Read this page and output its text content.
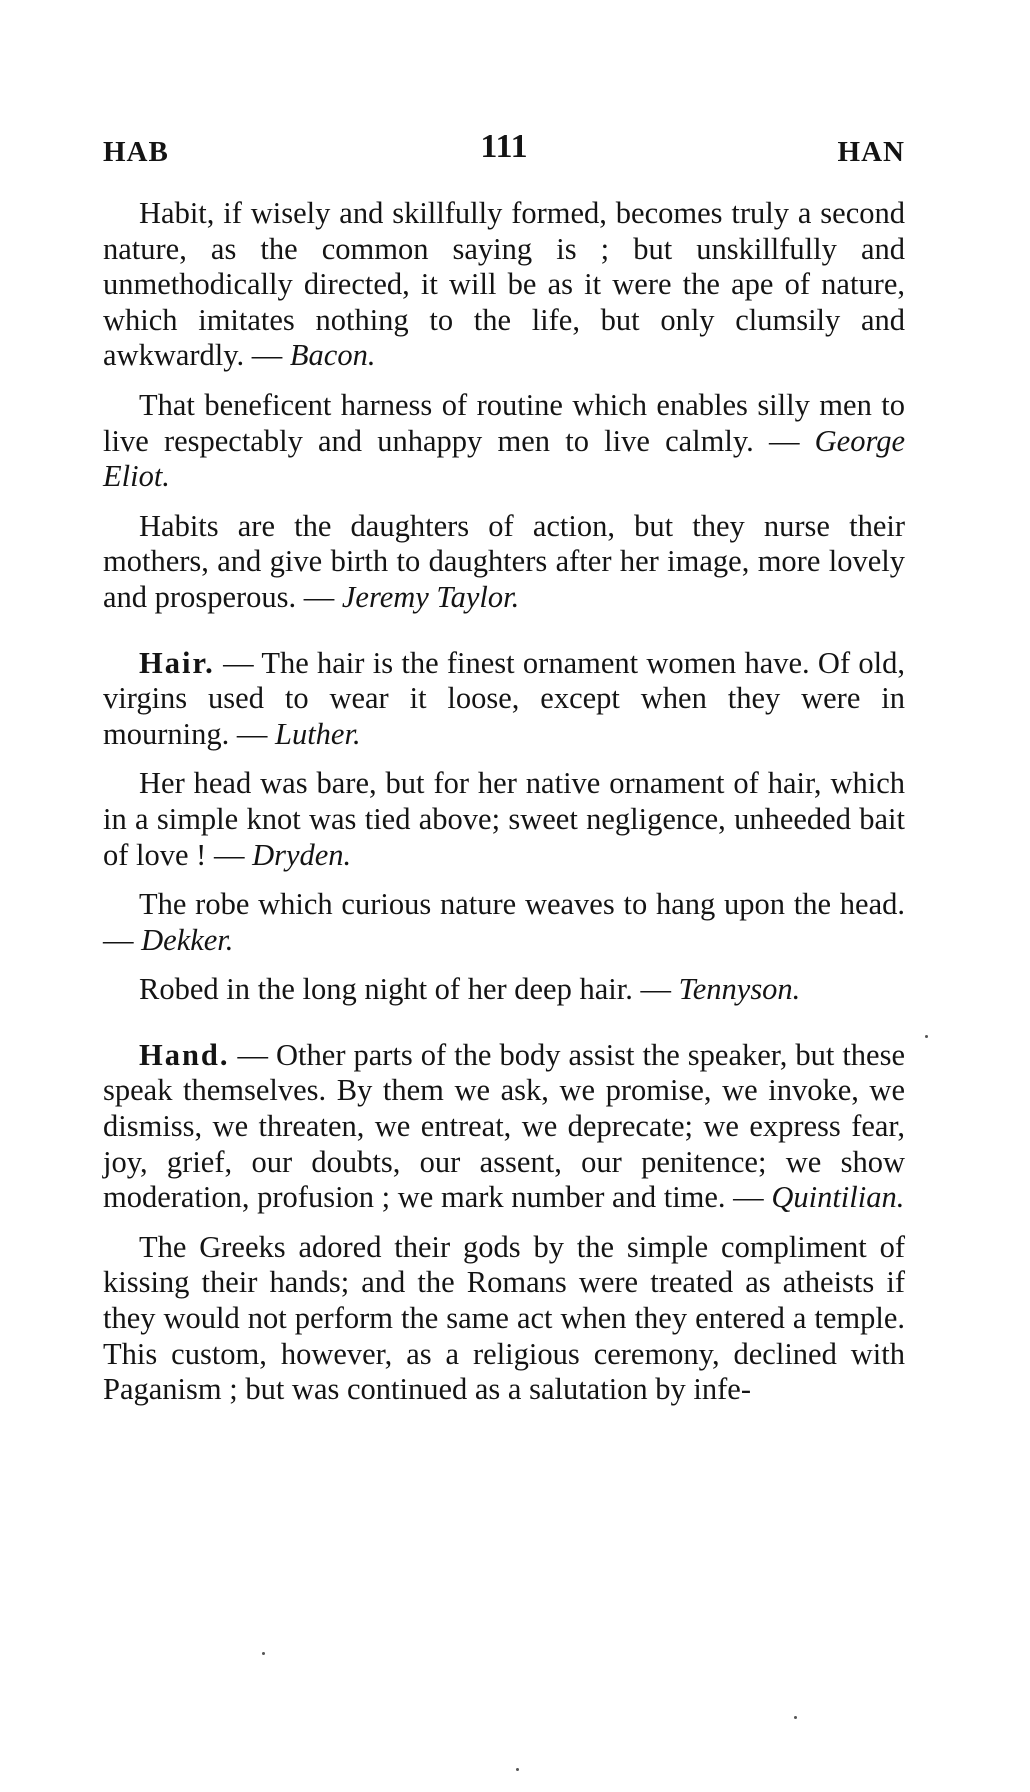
HAB	111	HAN

Habit, if wisely and skillfully formed, becomes truly a second nature, as the common saying is ; but unskillfully and unmethodically directed, it will be as it were the ape of nature, which imitates nothing to the life, but only clumsily and awkwardly. — Bacon.

That beneficent harness of routine which enables silly men to live respectably and unhappy men to live calmly. — George Eliot.

Habits are the daughters of action, but they nurse their mothers, and give birth to daughters after her image, more lovely and prosperous. — Jeremy Taylor.

Hair. — The hair is the finest ornament women have. Of old, virgins used to wear it loose, except when they were in mourning. — Luther.

Her head was bare, but for her native ornament of hair, which in a simple knot was tied above; sweet negligence, unheeded bait of love ! — Dryden.

The robe which curious nature weaves to hang upon the head. — Dekker.

Robed in the long night of her deep hair. — Tennyson.

Hand. — Other parts of the body assist the speaker, but these speak themselves. By them we ask, we promise, we invoke, we dismiss, we threaten, we entreat, we deprecate; we express fear, joy, grief, our doubts, our assent, our penitence; we show moderation, profusion ; we mark number and time. — Quintilian.

The Greeks adored their gods by the simple compliment of kissing their hands; and the Romans were treated as atheists if they would not perform the same act when they entered a temple. This custom, however, as a religious ceremony, declined with Paganism ; but was continued as a salutation by infe-
